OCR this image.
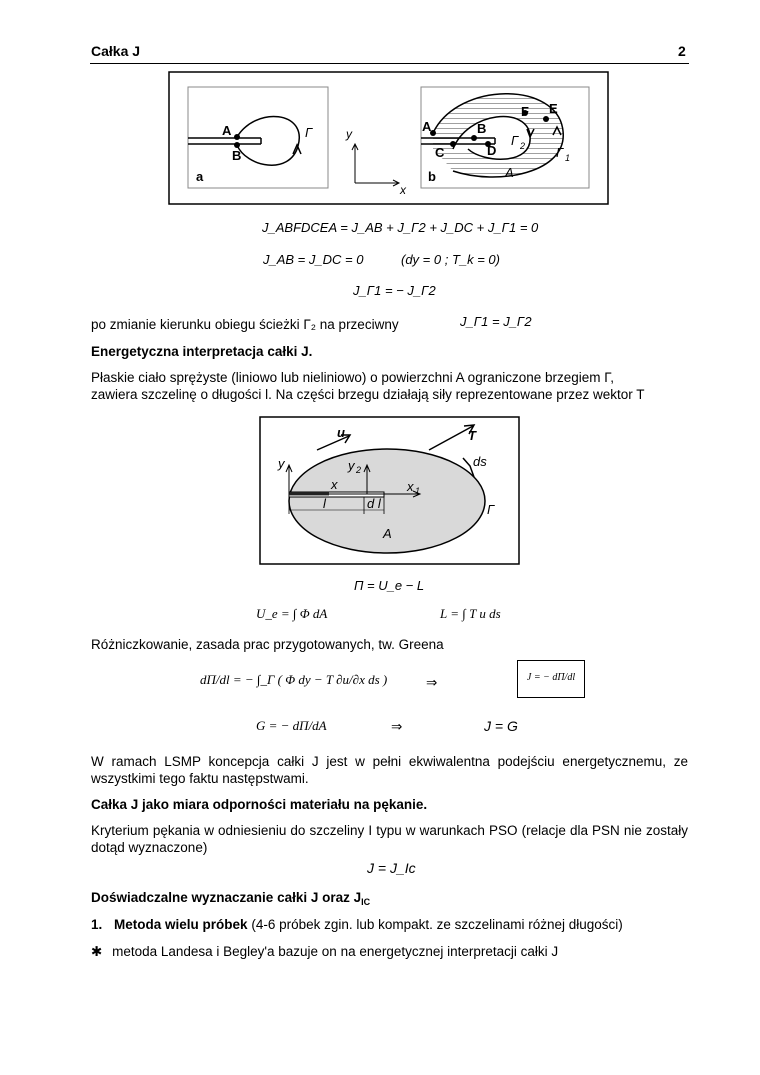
Całka J	2
A
B
Γ
a
y
x
A	B
C	D
E
F
Γ 2 Γ 1
A
b
J_ABFDCEA = J_AB + J_Γ2 + J_DC + J_Γ1 = 0
J_AB = J_DC = 0	(dy = 0 ; T_k = 0)
J_Γ1 = − J_Γ2
po zmianie kierunku obiegu ścieżki Γ₂ na przeciwny	J_Γ1 = J_Γ2
Energetyczna interpretacja całki J.
Płaskie ciało sprężyste (liniowo lub nieliniowo) o powierzchni A ograniczone brzegiem Γ,
zawiera szczelinę o długości l. Na części brzegu działają siły reprezentowane przez wektor T
u	T
y	y 2
ds
x	x 1
l	d l	Γ
A
Π = U_e − L
U_e = ∫ Φ dA	L = ∫ T u ds
Różniczkowanie, zasada prac przygotowanych, tw. Greena
dΠ/dl = − ∫_Γ ( Φ dy − T ∂u/∂x ds )	⇒	J = − dΠ/dl
G = − dΠ/dA	⇒	J = G
W ramach LSMP koncepcja całki J jest w pełni ekwiwalentna podejściu energetycznemu, ze wszystkimi tego faktu następstwami.
Całka J jako miara odporności materiału na pękanie.
Kryterium pękania w odniesieniu do szczeliny I typu w warunkach PSO (relacje dla PSN nie zostały dotąd wyznaczone)
J = J_Ic
Doświadczalne wyznaczanie całki J oraz $J_{IC}$
1. Metoda wielu próbek (4-6 próbek zgin. lub kompakt. ze szczelinami różnej długości)
✱ metoda Landesa i Begley'a bazuje on na energetycznej interpretacji całki J
